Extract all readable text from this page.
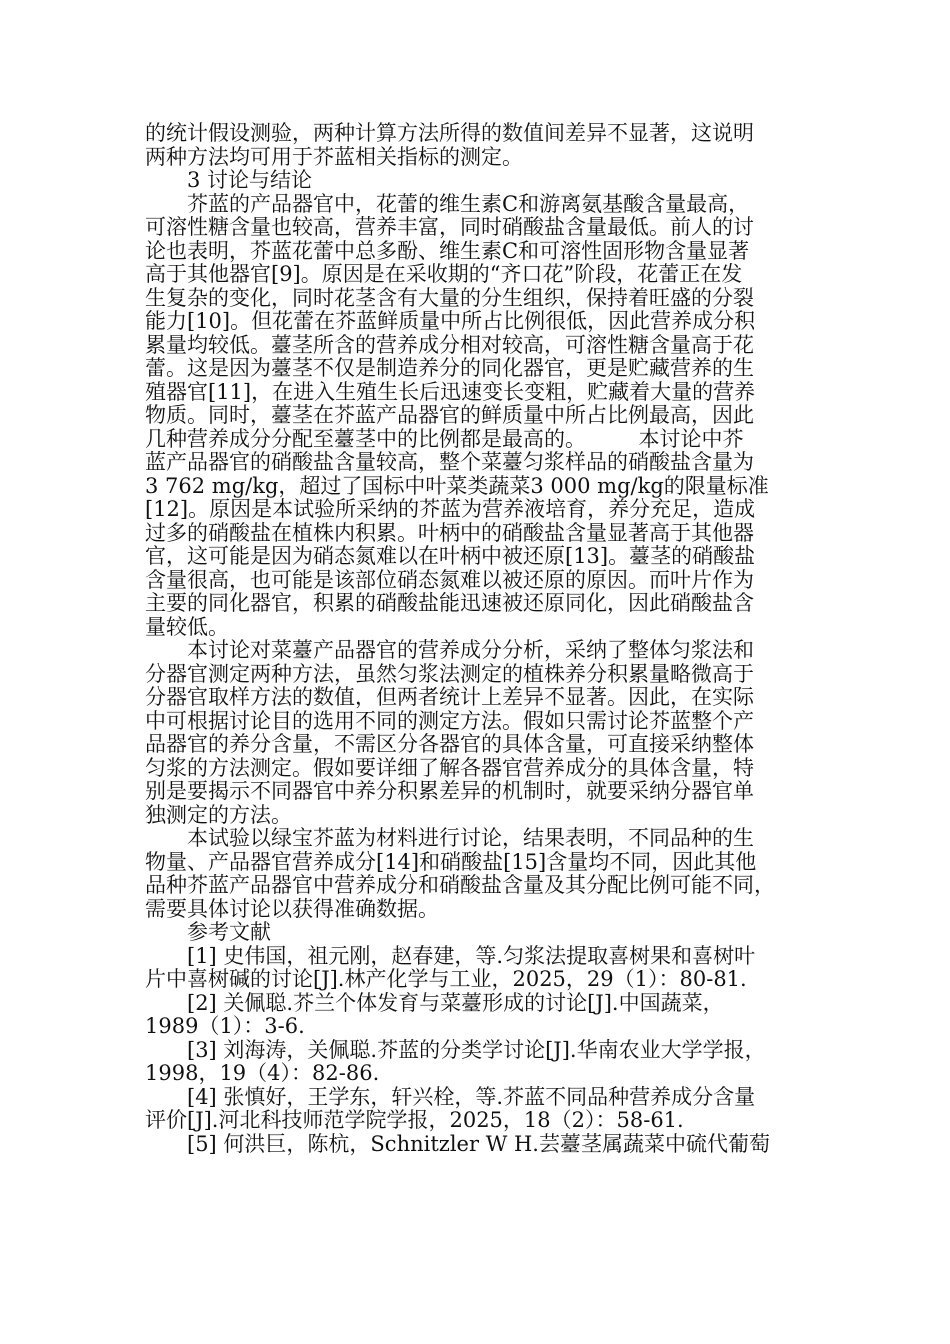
的统计假设测验，两种计算方法所得的数值间差异不显著，这说明
两种方法均可用于芥蓝相关指标的测定。
3 讨论与结论
芥蓝的产品器官中，花蕾的维生素C和游离氨基酸含量最高，
可溶性糖含量也较高，营养丰富，同时硝酸盐含量最低。前人的讨
论也表明，芥蓝花蕾中总多酚、维生素C和可溶性固形物含量显著
高于其他器官[9]。原因是在采收期的“齐口花”阶段，花蕾正在发
生复杂的变化，同时花茎含有大量的分生组织，保持着旺盛的分裂
能力[10]。但花蕾在芥蓝鲜质量中所占比例很低，因此营养成分积
累量均较低。薹茎所含的营养成分相对较高，可溶性糖含量高于花
蕾。这是因为薹茎不仅是制造养分的同化器官，更是贮藏营养的生
殖器官[11]，在进入生殖生长后迅速变长变粗，贮藏着大量的营养
物质。同时，薹茎在芥蓝产品器官的鲜质量中所占比例最高，因此
几种营养成分分配至薹茎中的比例都是最高的。　　　本讨论中芥
蓝产品器官的硝酸盐含量较高，整个菜薹匀浆样品的硝酸盐含量为
3 762 mg/kg，超过了国标中叶菜类蔬菜3 000 mg/kg的限量标准
[12]。原因是本试验所采纳的芥蓝为营养液培育，养分充足，造成
过多的硝酸盐在植株内积累。叶柄中的硝酸盐含量显著高于其他器
官，这可能是因为硝态氮难以在叶柄中被还原[13]。薹茎的硝酸盐
含量很高，也可能是该部位硝态氮难以被还原的原因。而叶片作为
主要的同化器官，积累的硝酸盐能迅速被还原同化，因此硝酸盐含
量较低。
本讨论对菜薹产品器官的营养成分分析，采纳了整体匀浆法和
分器官测定两种方法，虽然匀浆法测定的植株养分积累量略微高于
分器官取样方法的数值，但两者统计上差异不显著。因此，在实际
中可根据讨论目的选用不同的测定方法。假如只需讨论芥蓝整个产
品器官的养分含量，不需区分各器官的具体含量，可直接采纳整体
匀浆的方法测定。假如要详细了解各器官营养成分的具体含量，特
别是要揭示不同器官中养分积累差异的机制时，就要采纳分器官单
独测定的方法。
本试验以绿宝芥蓝为材料进行讨论，结果表明，不同品种的生
物量、产品器官营养成分[14]和硝酸盐[15]含量均不同，因此其他
品种芥蓝产品器官中营养成分和硝酸盐含量及其分配比例可能不同，
需要具体讨论以获得准确数据。
参考文献
[1] 史伟国，祖元刚，赵春建，等.匀浆法提取喜树果和喜树叶
片中喜树碱的讨论[J].林产化学与工业，2025，29（1）：80-81.
[2] 关佩聪.芥兰个体发育与菜薹形成的讨论[J].中国蔬菜，
1989（1）：3-6.
[3] 刘海涛，关佩聪.芥蓝的分类学讨论[J].华南农业大学学报，
1998，19（4）：82-86.
[4] 张慎好，王学东，轩兴栓，等.芥蓝不同品种营养成分含量
评价[J].河北科技师范学院学报，2025，18（2）：58-61.
[5] 何洪巨，陈杭，Schnitzler W H.芸薹茎属蔬菜中硫代葡萄
